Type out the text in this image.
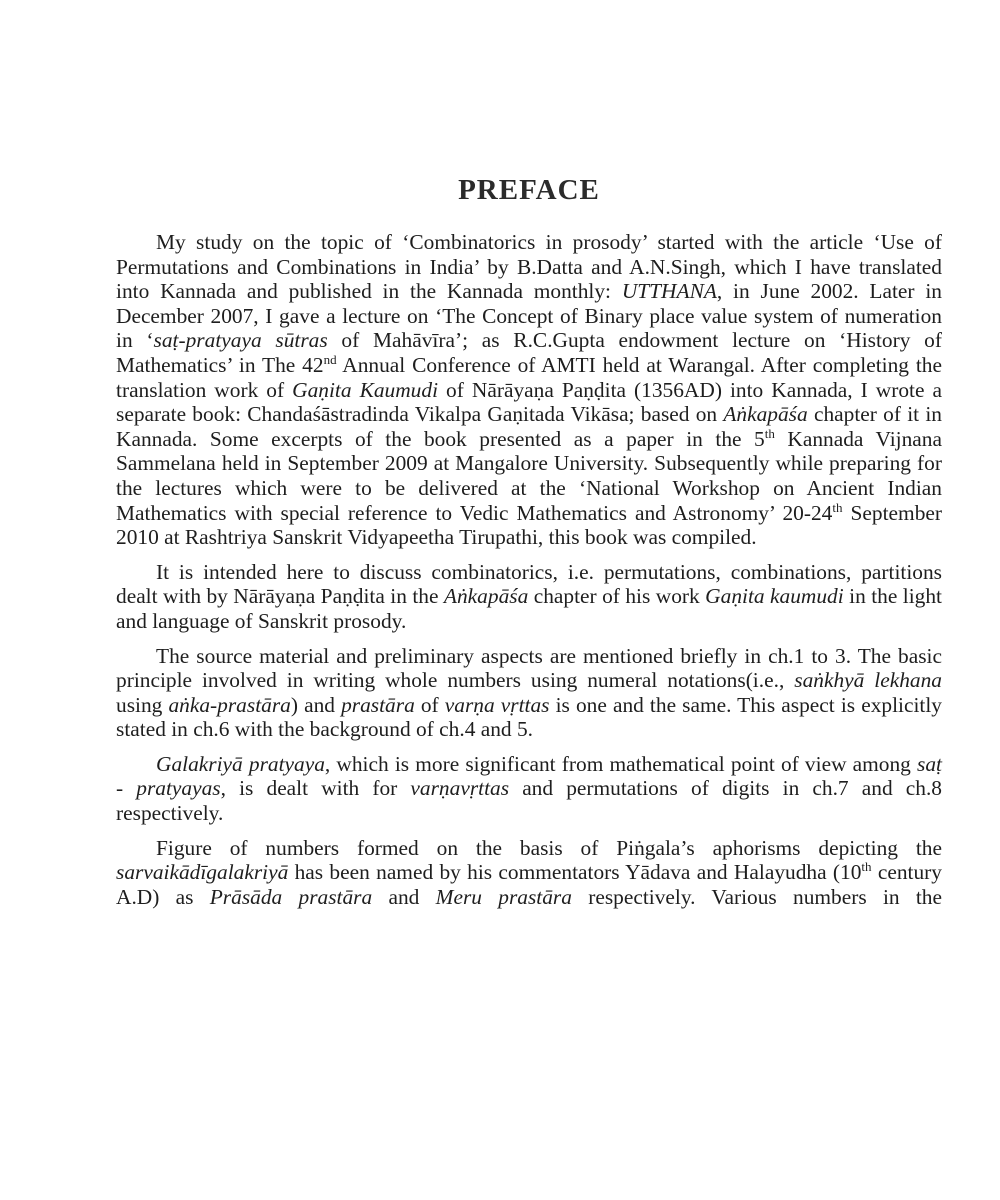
PREFACE

My study on the topic of ‘Combinatorics in prosody’ started with the article ‘Use of Permutations and Combinations in India’ by B.Datta and A.N.Singh, which I have translated into Kannada and published in the Kannada monthly: UTTHANA, in June 2002. Later in December 2007, I gave a lecture on ‘The Concept of Binary place value system of numeration in ‘saṭ-pratyaya sūtras of Mahāvīra’; as R.C.Gupta endowment lecture on ‘History of Mathematics’ in The 42nd Annual Conference of AMTI held at Warangal. After completing the translation work of Gaṇita Kaumudi of Nārāyaṇa Paṇḍita (1356AD) into Kannada, I wrote a separate book: Chandaśāstradinda Vikalpa Gaṇitada Vikāsa; based on Aṅkapāśa chapter of it in Kannada. Some excerpts of the book presented as a paper in the 5th Kannada Vijnana Sammelana held in September 2009 at Mangalore University. Subsequently while preparing for the lectures which were to be delivered at the ‘National Workshop on Ancient Indian Mathematics with special reference to Vedic Mathematics and Astronomy’ 20-24th September 2010 at Rashtriya Sanskrit Vidyapeetha Tirupathi, this book was compiled.

It is intended here to discuss combinatorics, i.e. permutations, combinations, partitions dealt with by Nārāyaṇa Paṇḍita in the Aṅkapāśa chapter of his work Gaṇita kaumudi in the light and language of Sanskrit prosody.

The source material and preliminary aspects are mentioned briefly in ch.1 to 3. The basic principle involved in writing whole numbers using numeral notations(i.e., saṅkhyā lekhana using aṅka-prastāra) and prastāra of varṇa vṛttas is one and the same. This aspect is explicitly stated in ch.6 with the background of ch.4 and 5.

Galakriyā pratyaya, which is more significant from mathematical point of view among saṭ - pratyayas, is dealt with for varṇavṛttas and permutations of digits in ch.7 and ch.8 respectively.

Figure of numbers formed on the basis of Piṅgala’s aphorisms depicting the sarvaikādīgalakriyā has been named by his commentators Yādava and Halayudha (10th century A.D) as Prāsāda prastāra and Meru prastāra respectively. Various numbers in the
